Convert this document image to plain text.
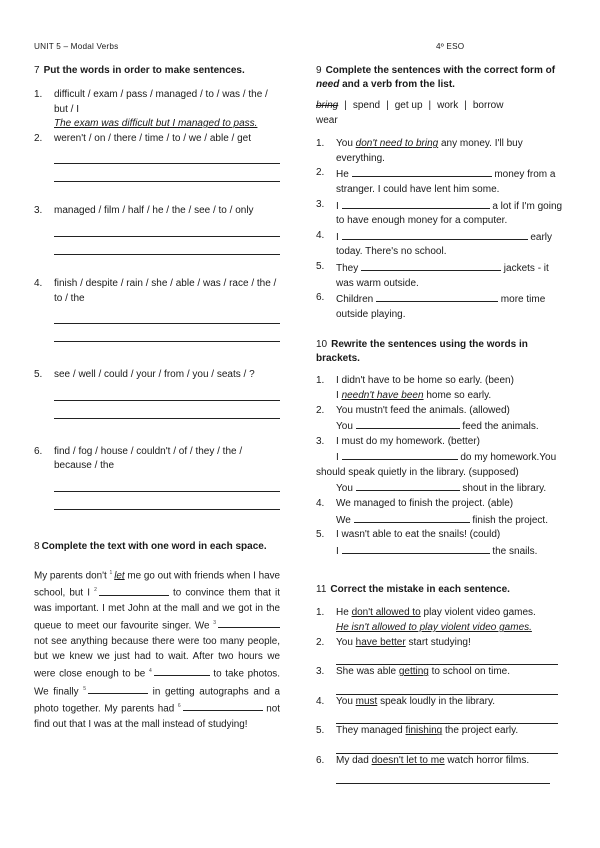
UNIT 5 – Modal Verbs	4º ESO

7 Put the words in order to make sentences.

1.	difficult / exam / pass / managed / to / was / the / but / I
The exam was difficult but I managed to pass.
2.	weren't / on / there / time / to / we / able / get
3.	managed / film / half / he / the / see / to / only
4.	finish / despite / rain / she / able / was / race / the / to / the
5.	see / well / could / your / from / you / seats / ?
6.	find / fog / house / couldn't / of / they / the / because / the

8 Complete the text with one word in each space.

My parents don't $^1$ let me go out with friends when I have school, but I $^2$	to convince them that it was important. I met John at the mall and we got in the queue to meet our favourite singer. We $^3$ not see anything because there were too many people, but we knew we just had to wait. After two hours we were close enough to be $^4$	to take photos. We finally $^5$	in getting autographs and a photo together. My parents had $^6$	not find out that I was at the mall instead of studying!

9 Complete the sentences with the correct form of need and a verb from the list.

bring | spend | get up | work | borrow
wear
1.	You don't need to bring any money. I'll buy everything.
2.	He	money from a stranger. I could have lent him some.
3.	I	a lot if I'm going to have enough money for a computer.
4.	I	early today. There's no school.
5.	They	jackets - it was warm outside.
6.	Children	more time outside playing.

10 Rewrite the sentences using the words in brackets.

1.	I didn't have to be home so early. (been)
I needn't have been home so early.
2.	You mustn't feed the animals. (allowed)
You	feed the animals.
3.	I must do my homework. (better)
I	do my homework.You
should speak quietly in the library. (supposed)
You	shout in the library.
4.	We managed to finish the project. (able)
We	finish the project.
5.	I wasn't able to eat the snails! (could)
I	the snails.

11 Correct the mistake in each sentence.

1.	He don't allowed to play violent video games.
He isn't allowed to play violent video games.
2.	You have better start studying!
3.	She was able getting to school on time.
4.	You must speak loudly in the library.
5.	They managed finishing the project early.
6.	My dad doesn't let to me watch horror films.
